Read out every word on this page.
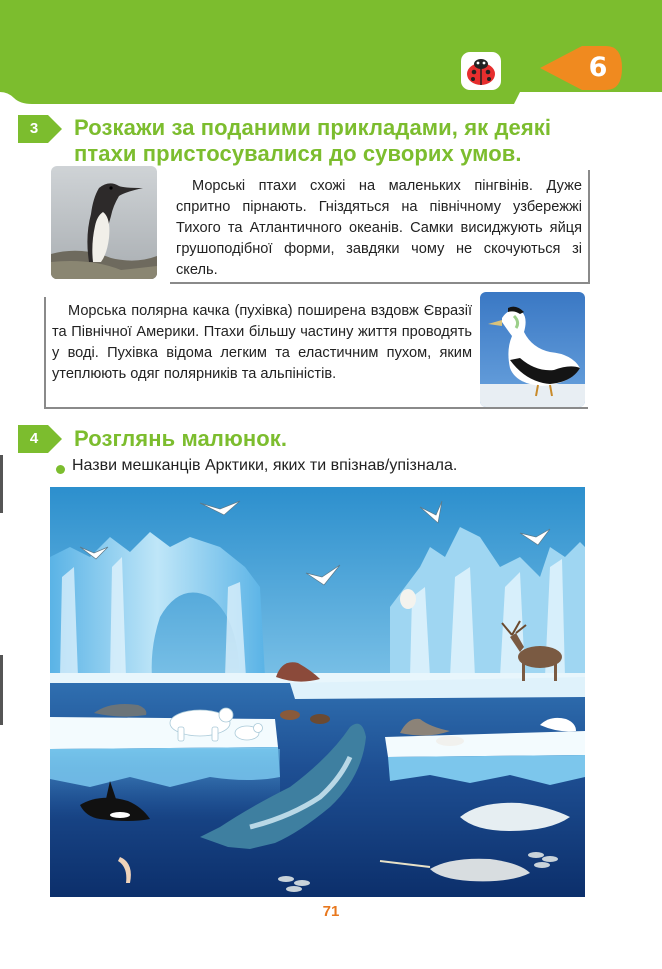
6
3	Розкажи за поданими прикладами, як деякі
птахи пристосувалися до суворих умов.
Морські птахи схожі на маленьких пінгвінів. Дуже спритно пірнають. Гніздяться на північному узбережжі Тихого та Атлантичного океанів. Самки висиджують яйця грушоподібної форми, завдяки чому не скочуються зі скель.
Морська полярна качка (пухівка) поширена вздовж Євразії та Північної Америки. Птахи більшу частину життя проводять у воді. Пухівка відома легким та еластичним пухом, яким утеплюють одяг полярників та альпіністів.
4	Розглянь малюнок.
Назви мешканців Арктики, яких ти впізнав/упізнала.
71
